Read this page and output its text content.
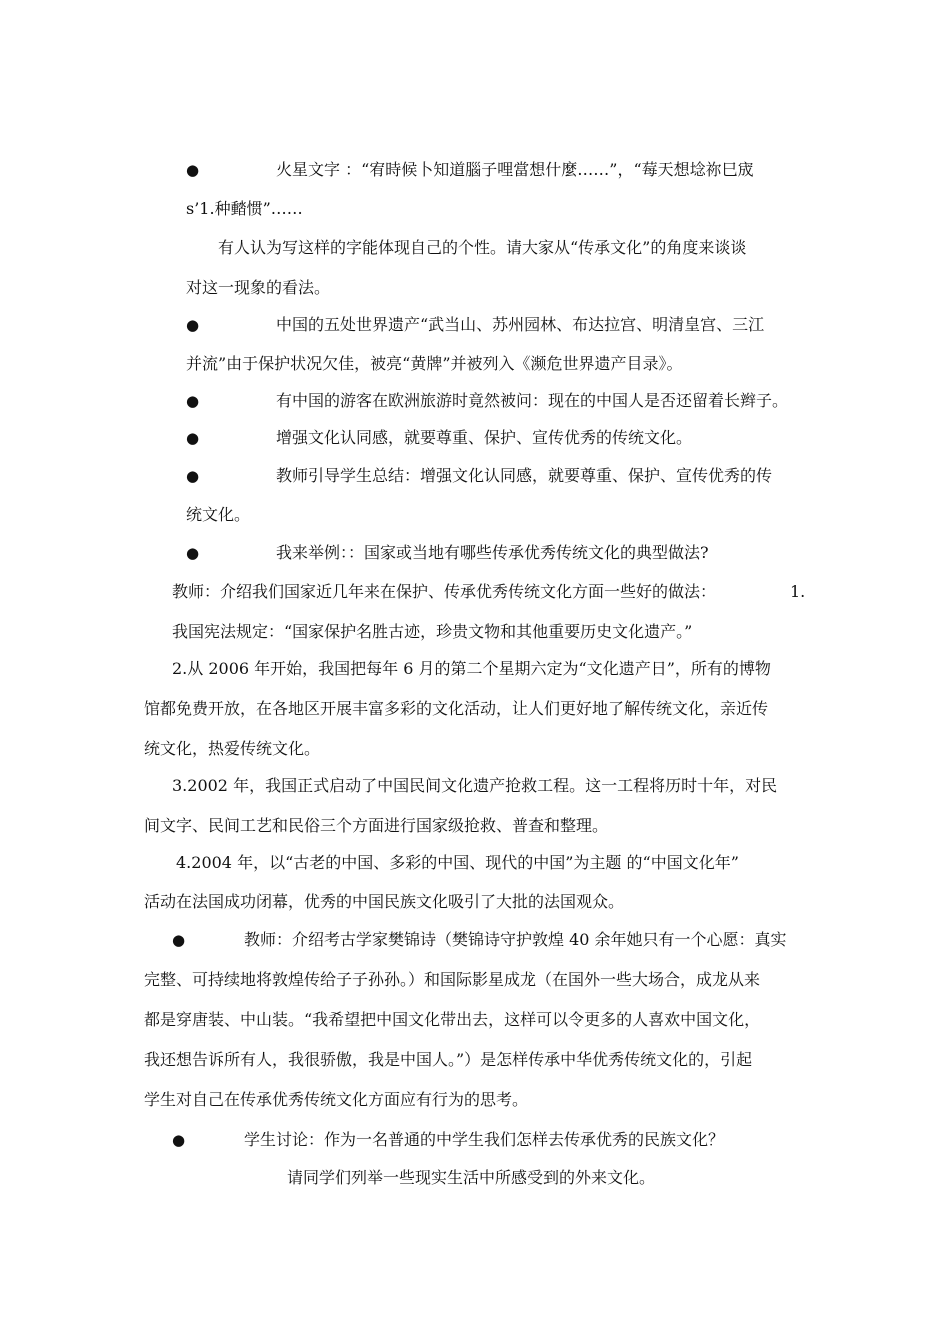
●
●
●
●
●
●
●
●
火星文字 ：“宥時候卜知道腦子哩當想什麼……”，“莓天想埝祢巳宬
s’1.种濌惯”……
有人认为写这样的字能体现自己的个性。请大家从“传承文化”的角度来谈谈
对这一现象的看法。
中国的五处世界遗产“武当山、苏州园林、布达拉宫、明清皇宫、三江
并流”由于保护状况欠佳，被亮“黄牌”并被列入《濒危世界遗产目录》。
有中国的游客在欧洲旅游时竟然被问：现在的中国人是否还留着长辫子。
增强文化认同感，就要尊重、保护、宣传优秀的传统文化。
教师引导学生总结：增强文化认同感，就要尊重、保护、宣传优秀的传
统文化。
我来举例：：国家或当地有哪些传承优秀传统文化的典型做法?
教师：介绍我们国家近几年来在保护、传承优秀传统文化方面一些好的做法：	1.
我国宪法规定：“国家保护名胜古迹，珍贵文物和其他重要历史文化遗产。”
2.从 2006 年开始，我国把每年 6 月的第二个星期六定为“文化遗产日”，所有的博物
馆都免费开放，在各地区开展丰富多彩的文化活动，让人们更好地了解传统文化，亲近传
统文化，热爱传统文化。
3.2002 年，我国正式启动了中国民间文化遗产抢救工程。这一工程将历时十年，对民
间文字、民间工艺和民俗三个方面进行国家级抢救、普查和整理。
4.2004 年，以“古老的中国、多彩的中国、现代的中国”为主题 的“中国文化年”
活动在法国成功闭幕，优秀的中国民族文化吸引了大批的法国观众。
教师：介绍考古学家樊锦诗（樊锦诗守护敦煌 40 余年她只有一个心愿：真实
完整、可持续地将敦煌传给子子孙孙。）和国际影星成龙（在国外一些大场合，成龙从来
都是穿唐装、中山装。“我希望把中国文化带出去，这样可以令更多的人喜欢中国文化，
我还想告诉所有人，我很骄傲，我是中国人。”）是怎样传承中华优秀传统文化的，引起
学生对自己在传承优秀传统文化方面应有行为的思考。
学生讨论：作为一名普通的中学生我们怎样去传承优秀的民族文化？
请同学们列举一些现实生活中所感受到的外来文化。
